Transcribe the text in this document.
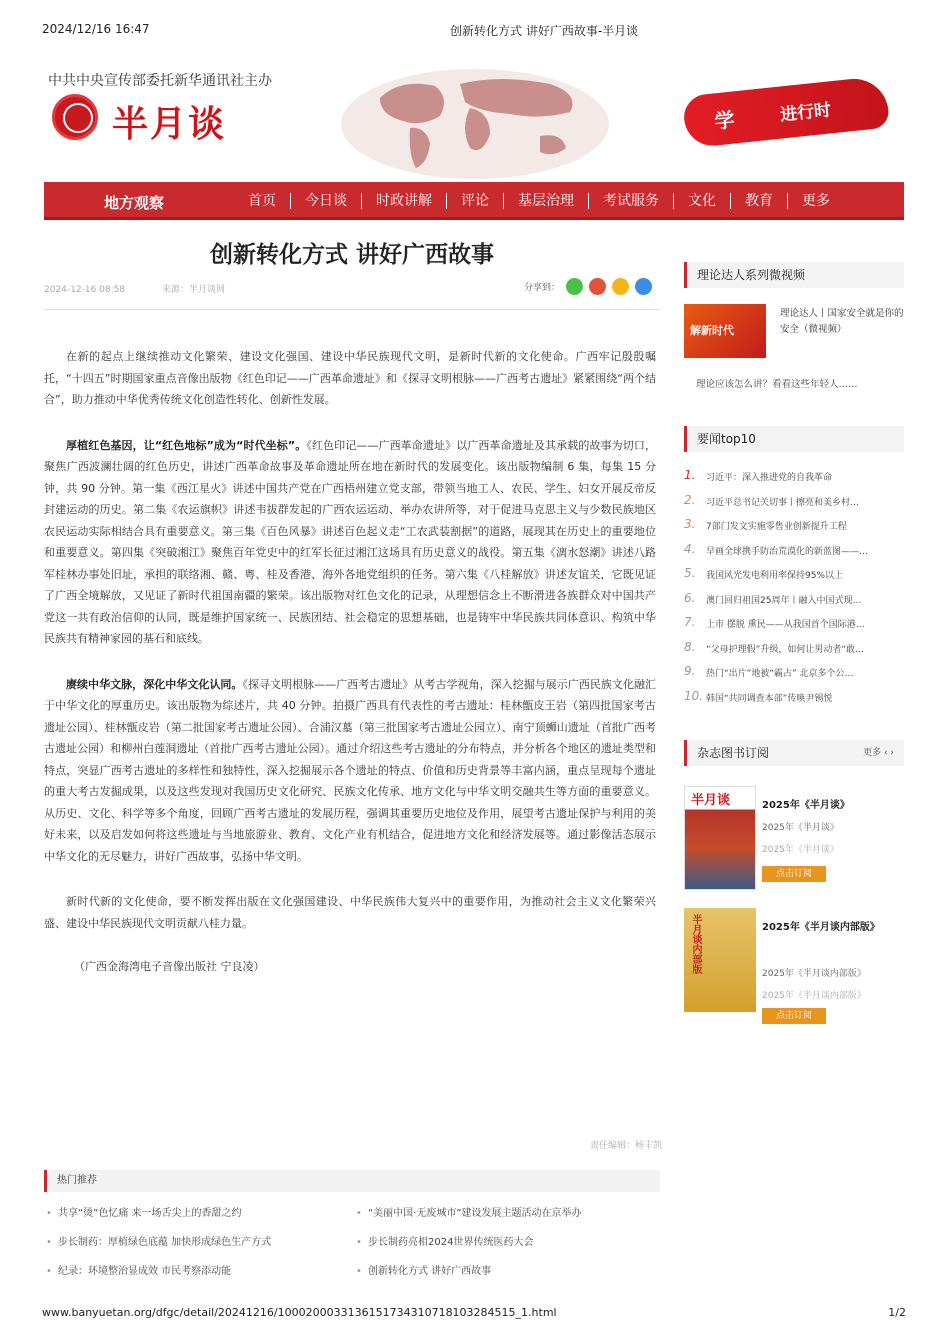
2024/12/16 16:47	创新转化方式 讲好广西故事-半月谈
中共中央宣传部委托新华通讯社主办
半月谈	学	进行时
地方观察	首页	今日谈	时政讲解	评论	基层治理	考试服务	文化	教育	更多
创新转化方式 讲好广西故事
2024-12-16 08:58	来源：半月谈网	分享到：

在新的起点上继续推动文化繁荣、建设文化强国、建设中华民族现代文明，是新时代新的文化使命。广西牢记殷殷嘱托，“十四五”时期国家重点音像出版物《红色印记——广西革命遗址》和《探寻文明根脉——广西考古遗址》紧紧围绕“两个结合”，助力推动中华优秀传统文化创造性转化、创新性发展。

厚植红色基因，让“红色地标”成为“时代坐标”。《红色印记——广西革命遗址》以广西革命遗址及其承载的故事为切口，聚焦广西波澜壮阔的红色历史，讲述广西革命故事及革命遗址所在地在新时代的发展变化。该出版物编制 6 集，每集 15 分钟，共 90 分钟。第一集《西江星火》讲述中国共产党在广西梧州建立党支部，带领当地工人、农民、学生、妇女开展反帝反封建运动的历史。第二集《农运旗帜》讲述韦拔群发起的广西农运运动、举办农讲所等，对于促进马克思主义与少数民族地区农民运动实际相结合具有重要意义。第三集《百色风暴》讲述百色起义走“工农武装割据”的道路，展现其在历史上的重要地位和重要意义。第四集《突破湘江》聚焦百年党史中的红军长征过湘江这场具有历史意义的战役。第五集《漓水怒潮》讲述八路军桂林办事处旧址，承担的联络湘、赣、粤、桂及香港、海外各地党组织的任务。第六集《八桂解放》讲述友谊关，它既见证了广西全境解放，又见证了新时代祖国南疆的繁荣。该出版物对红色文化的记录，从理想信念上不断滑进各族群众对中国共产党这一共有政治信仰的认同，既是维护国家统一、民族团结、社会稳定的思想基础，也是铸牢中华民族共同体意识、构筑中华民族共有精神家园的基石和底线。

赓续中华文脉，深化中华文化认同。《探寻文明根脉——广西考古遗址》从考古学视角，深入挖掘与展示广西民族文化融汇于中华文化的厚重历史。该出版物为综述片，共 40 分钟。拍摄广西具有代表性的考古遗址：桂林甑皮王岩（第四批国家考古遗址公园）、桂林甑皮岩（第二批国家考古遗址公园）、合浦汉墓（第三批国家考古遗址公园立）、南宁顶蛳山遗址（首批广西考古遗址公园）和柳州白莲洞遗址（首批广西考古遗址公园）。通过介绍这些考古遗址的分布特点，并分析各个地区的遗址类型和特点，突显广西考古遗址的多样性和独特性，深入挖掘展示各个遗址的特点、价值和历史背景等丰富内涵，重点呈现每个遗址的重大考古发掘成果，以及这些发现对我国历史文化研究、民族文化传承、地方文化与中华文明交融共生等方面的重要意义。从历史、文化、科学等多个角度，回顾广西考古遗址的发展历程，强调其重要历史地位及作用，展望考古遗址保护与利用的美好未来，以及启发如何将这些遗址与当地旅游业、教育、文化产业有机结合，促进地方文化和经济发展等。通过影像活态展示中华文化的无尽魅力，讲好广西故事，弘扬中华文明。

新时代新的文化使命，要不断发挥出版在文化强国建设、中华民族伟大复兴中的重要作用，为推动社会主义文化繁荣兴盛、建设中华民族现代文明贡献八桂力量。

（广西金海湾电子音像出版社 宁良凌）

责任编辑：杨丰凯
热门推荐
• 共享“烫”色忆痛 来一场舌尖上的香甜之约	• “美丽中国·无废城市”建设发展主题活动在京举办
• 步长制药：厚植绿色底蕴 加快形成绿色生产方式	• 步长制药亮相2024世界传统医药大会
• 纪录：环境整治显成效 市民考察添动能	• 创新转化方式 讲好广西故事
理论达人系列微视频
解新时代
理论达人丨国家安全就是你的安全（微视频）
理论应该怎么讲？看看这些年轻人……
要闻top10
1. 习近平：深入推进党的自我革命
2. 习近平总书记关切事丨擦亮和美乡村…
3. 7部门发文实施零售业创新提升工程
4. 早画全球携手防治荒漠化的新蓝图——…
5. 我国风光发电利用率保持95%以上
6. 澳门回归祖国25周年丨融入中国式现…
7. 上市 摆脱 熏民——从我国首个国际港…
8. “父母护理假”升级，如何让男动者“敢…
9. 热门“出片”地被“霸占” 北京多个公…
10. 韩国“共同调查本部”传唤尹锡悦
杂志图书订阅	更多 ‹ ›
半月谈	2025年《半月谈》
2025年《半月谈》
2025年《半月谈》
点击订阅
半月谈内部版	2025年《半月谈内部版》
2025年《半月谈内部版》
2025年《半月谈内部版》
点击订阅
www.banyuetan.org/dfgc/detail/20241216/1000200033136151734310718103284515_1.html	1/2
